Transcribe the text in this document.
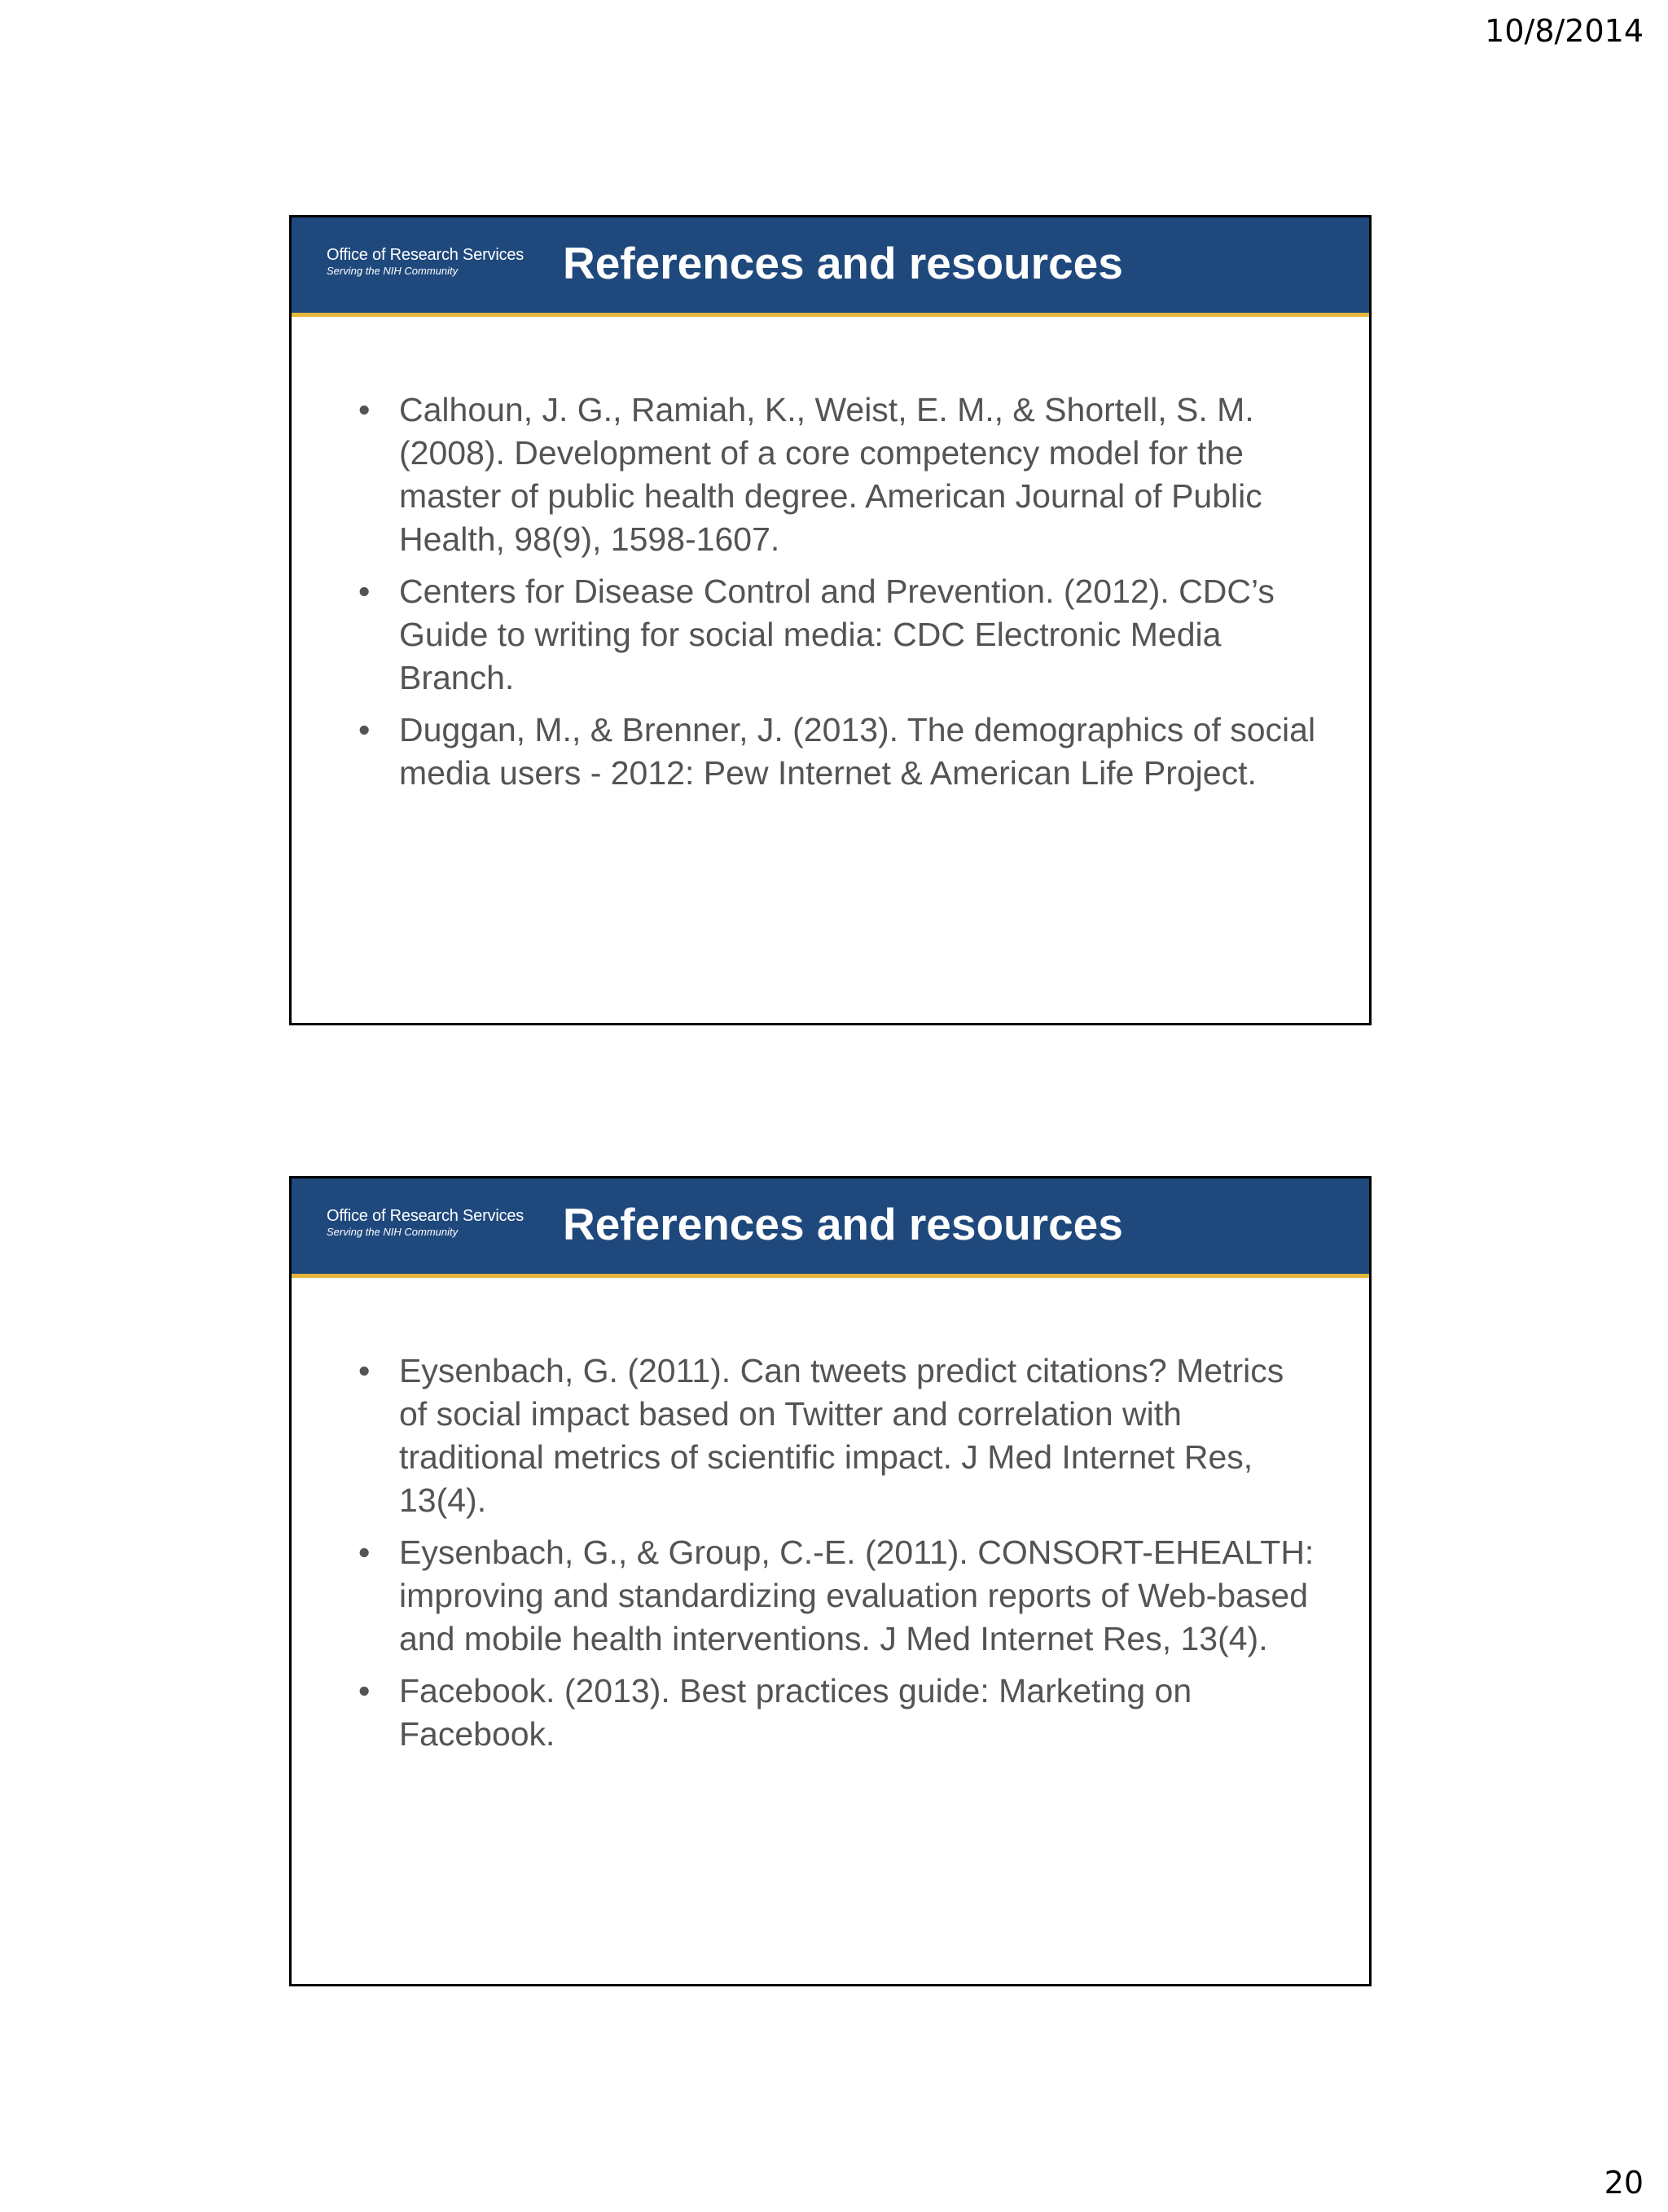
10/8/2014
Office of Research Services
Serving the NIH Community	References and resources
• Calhoun, J. G., Ramiah, K., Weist, E. M., & Shortell, S. M. (2008). Development of a core competency model for the master of public health degree. American Journal of Public Health, 98(9), 1598-1607.
• Centers for Disease Control and Prevention. (2012). CDC’s Guide to writing for social media: CDC Electronic Media Branch.
• Duggan, M., & Brenner, J. (2013). The demographics of social media users - 2012: Pew Internet & American Life Project.
Office of Research Services
Serving the NIH Community	References and resources
• Eysenbach, G. (2011). Can tweets predict citations? Metrics of social impact based on Twitter and correlation with traditional metrics of scientific impact. J Med Internet Res, 13(4).
• Eysenbach, G., & Group, C.-E. (2011). CONSORT-EHEALTH: improving and standardizing evaluation reports of Web-based and mobile health interventions. J Med Internet Res, 13(4).
• Facebook. (2013). Best practices guide: Marketing on Facebook.
20
